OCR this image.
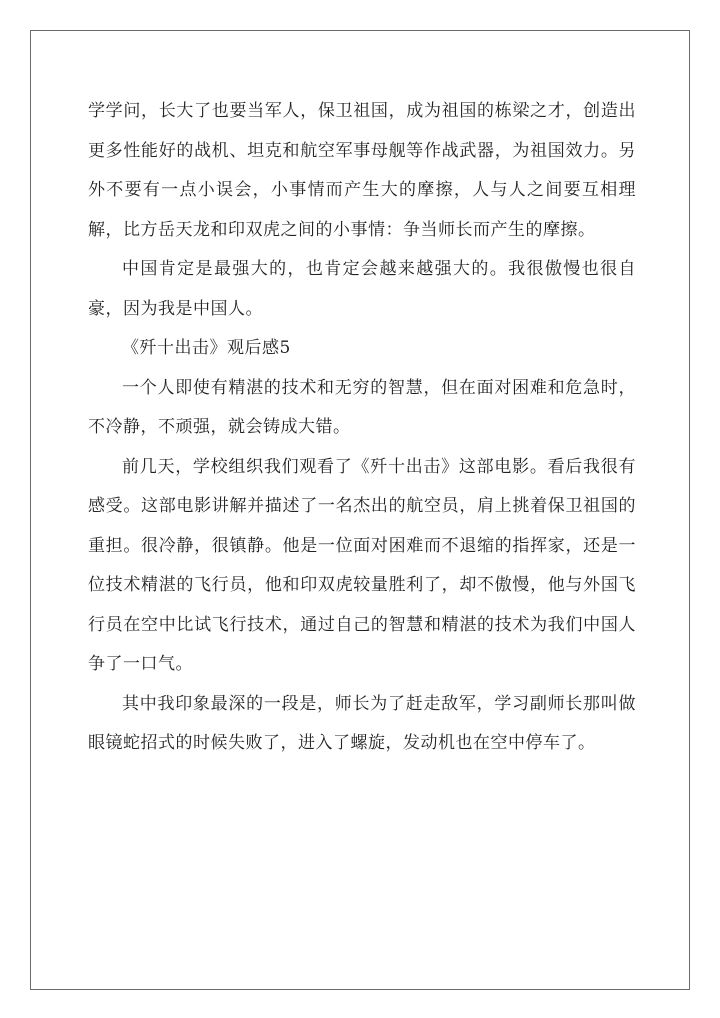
学学问，长大了也要当军人，保卫祖国，成为祖国的栋梁之才，创造出更多性能好的战机、坦克和航空军事母舰等作战武器，为祖国效力。另外不要有一点小误会，小事情而产生大的摩擦，人与人之间要互相理解，比方岳天龙和印双虎之间的小事情：争当师长而产生的摩擦。

中国肯定是最强大的，也肯定会越来越强大的。我很傲慢也很自豪，因为我是中国人。

《歼十出击》观后感5

一个人即使有精湛的技术和无穷的智慧，但在面对困难和危急时，不冷静，不顽强，就会铸成大错。

前几天，学校组织我们观看了《歼十出击》这部电影。看后我很有感受。这部电影讲解并描述了一名杰出的航空员，肩上挑着保卫祖国的重担。很冷静，很镇静。他是一位面对困难而不退缩的指挥家，还是一位技术精湛的飞行员，他和印双虎较量胜利了，却不傲慢，他与外国飞行员在空中比试飞行技术，通过自己的智慧和精湛的技术为我们中国人争了一口气。

其中我印象最深的一段是，师长为了赶走敌军，学习副师长那叫做眼镜蛇招式的时候失败了，进入了螺旋，发动机也在空中停车了。
